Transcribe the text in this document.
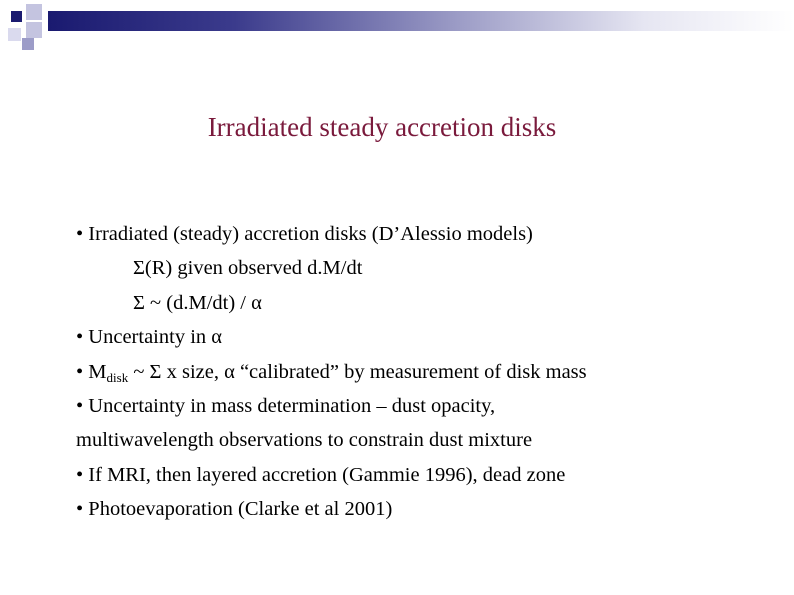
Irradiated steady accretion disks
• Irradiated (steady) accretion disks (D’Alessio models)
Σ(R) given observed d.M/dt
Σ ~ (d.M/dt) / α
• Uncertainty in α
• $M_{disk}$ ~ Σ x size, α “calibrated” by measurement of disk mass
• Uncertainty in mass determination – dust opacity,
multiwavelength observations to constrain dust mixture
• If MRI, then layered accretion (Gammie 1996), dead zone
• Photoevaporation (Clarke et al 2001)
